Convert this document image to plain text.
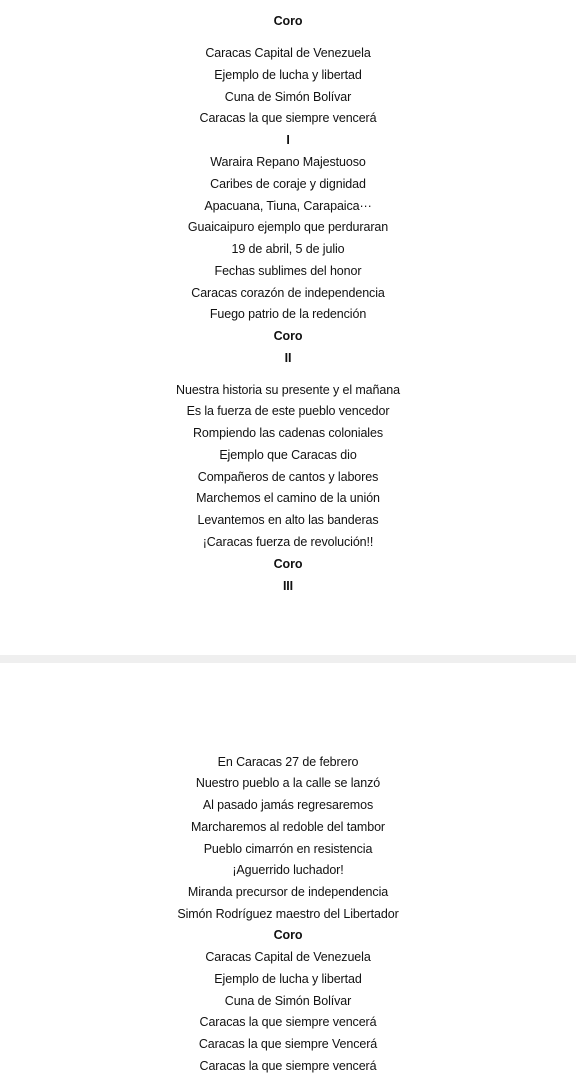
Coro
Caracas Capital de Venezuela
Ejemplo de lucha y libertad
Cuna de Simón Bolívar
Caracas la que siempre vencerá
I
Waraira Repano Majestuoso
Caribes de coraje y dignidad
Apacuana, Tiuna, Carapaica···
Guaicaipuro ejemplo que perduraran
19 de abril, 5 de julio
Fechas sublimes del honor
Caracas corazón de independencia
Fuego patrio de la redención
Coro
II
Nuestra historia su presente y el mañana
Es la fuerza de este pueblo vencedor
Rompiendo las cadenas coloniales
Ejemplo que Caracas dio
Compañeros de cantos y labores
Marchemos el camino de la unión
Levantemos en alto las banderas
¡Caracas fuerza de revolución!!
Coro
III
En Caracas 27 de febrero
Nuestro pueblo a la calle se lanzó
Al pasado jamás regresaremos
Marcharemos al redoble del tambor
Pueblo cimarrón en resistencia
¡Aguerrido luchador!
Miranda precursor de independencia
Simón Rodríguez maestro del Libertador
Coro
Caracas Capital de Venezuela
Ejemplo de lucha y libertad
Cuna de Simón Bolívar
Caracas la que siempre vencerá
Caracas la que siempre Vencerá
Caracas la que siempre vencerá
